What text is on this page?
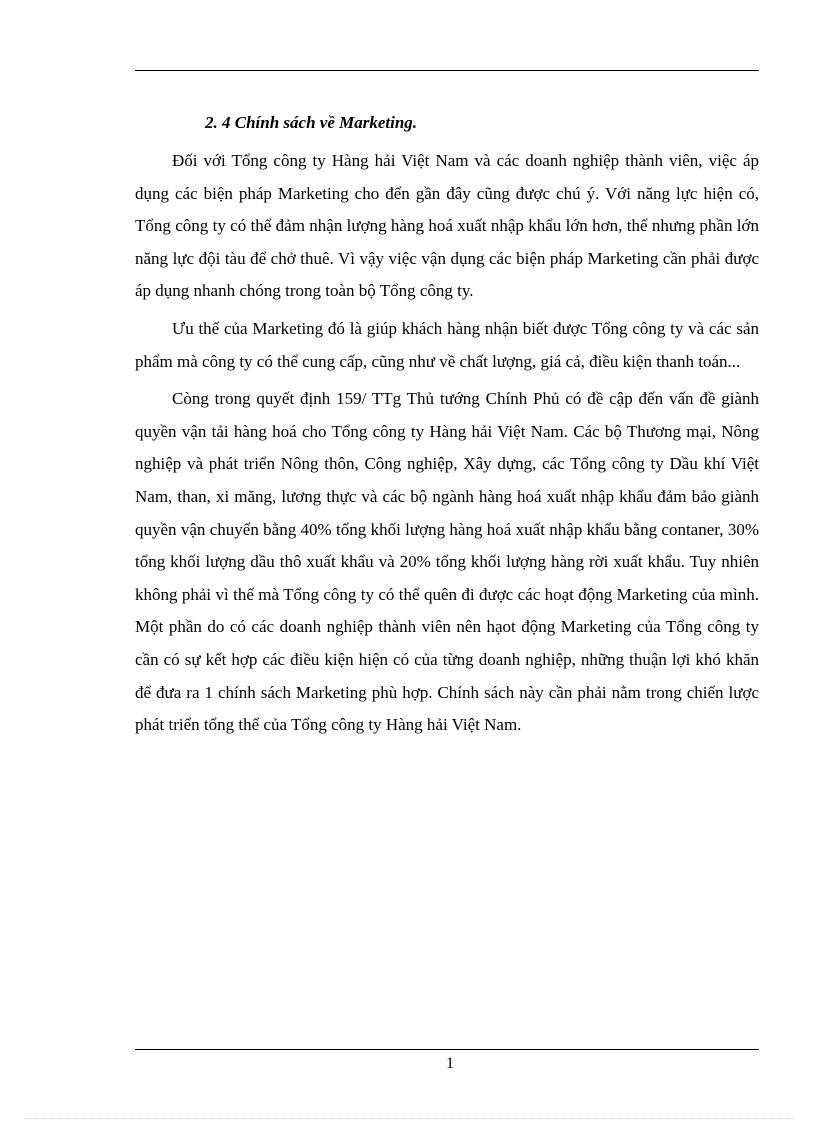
2. 4 Chính sách về Marketing.

Đối với Tổng công ty Hàng hải Việt Nam và các doanh nghiệp thành viên, việc áp dụng các biện pháp Marketing cho đến gần đây cũng được chú ý. Với năng lực hiện có, Tổng công ty có thể đảm nhận lượng hàng hoá xuất nhập khẩu lớn hơn, thế nhưng phần lớn năng lực đội tàu để chở thuê. Vì vậy việc vận dụng các biện pháp Marketing cần phải được áp dụng nhanh chóng trong toàn bộ Tổng công ty.

Ưu thế của Marketing đó là giúp khách hàng nhận biết được Tổng công ty và các sản phẩm mà công ty có thể cung cấp, cũng như về chất lượng, giá cả, điều kiện thanh toán...

Còng trong quyết định 159/ TTg Thủ tướng Chính Phủ có đề cập đến vấn đề giành quyền vận tải hàng hoá cho Tổng công ty Hàng hải Việt Nam. Các bộ Thương mại, Nông nghiệp và phát triển Nông thôn, Công nghiệp, Xây dựng, các Tổng công ty Dầu khí Việt Nam, than, xi măng, lương thực và các bộ ngành hàng hoá xuất nhập khẩu đảm bảo giành quyền vận chuyển bằng 40% tổng khối lượng hàng hoá xuất nhập khẩu bằng contaner, 30% tổng khối lượng dầu thô xuất khẩu và 20% tổng khối lượng hàng rời xuất khẩu. Tuy nhiên không phải vì thế mà Tổng công ty có thể quên đi được các hoạt động Marketing của mình. Một phần do có các doanh nghiệp thành viên nên hạot động Marketing của Tổng công ty cần có sự kết hợp các điều kiện hiện có của từng doanh nghiệp, những thuận lợi khó khăn để đưa ra 1 chính sách Marketing phù hợp. Chính sách này cần phải nằm trong chiến lược phát triển tổng thể của Tổng công ty Hàng hải Việt Nam.

1
